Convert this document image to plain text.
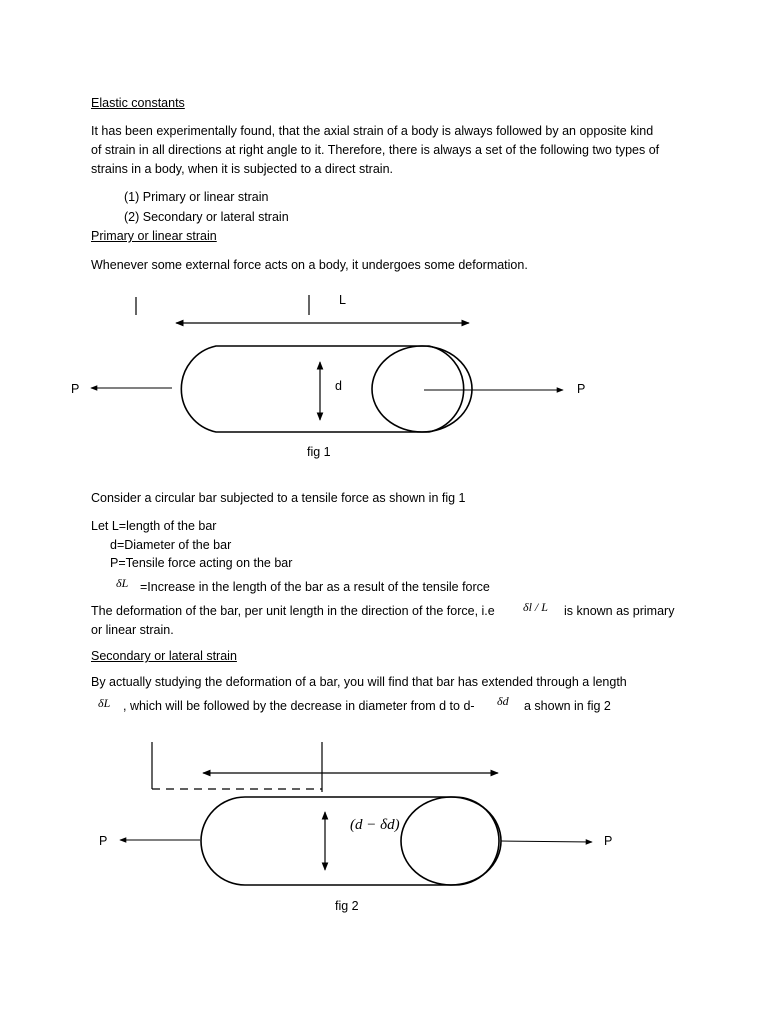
Elastic constants
It has been experimentally found, that the axial strain of a body is always followed by an opposite kind
of strain in all directions at right angle to it. Therefore, there is always a set of the following two types of
strains in a body, when it is subjected to a direct strain.
(1) Primary or linear strain
(2) Secondary or lateral strain
Primary or linear strain
Whenever some external force acts on a body, it undergoes some deformation.
L
d
P	P
fig 1
Consider a circular bar subjected to a tensile force as shown in fig 1
Let L=length of the bar
d=Diameter of the bar
P=Tensile force acting on the bar
δL =Increase in the length of the bar as a result of the tensile force
The deformation of the bar, per unit length in the direction of the force, i.e δl / L is known as primary
or linear strain.
Secondary or lateral strain
By actually studying the deformation of a bar, you will find that bar has extended through a length
δL , which will be followed by the decrease in diameter from d to d- δd a shown in fig 2
(d − δd)
P	P
fig 2
